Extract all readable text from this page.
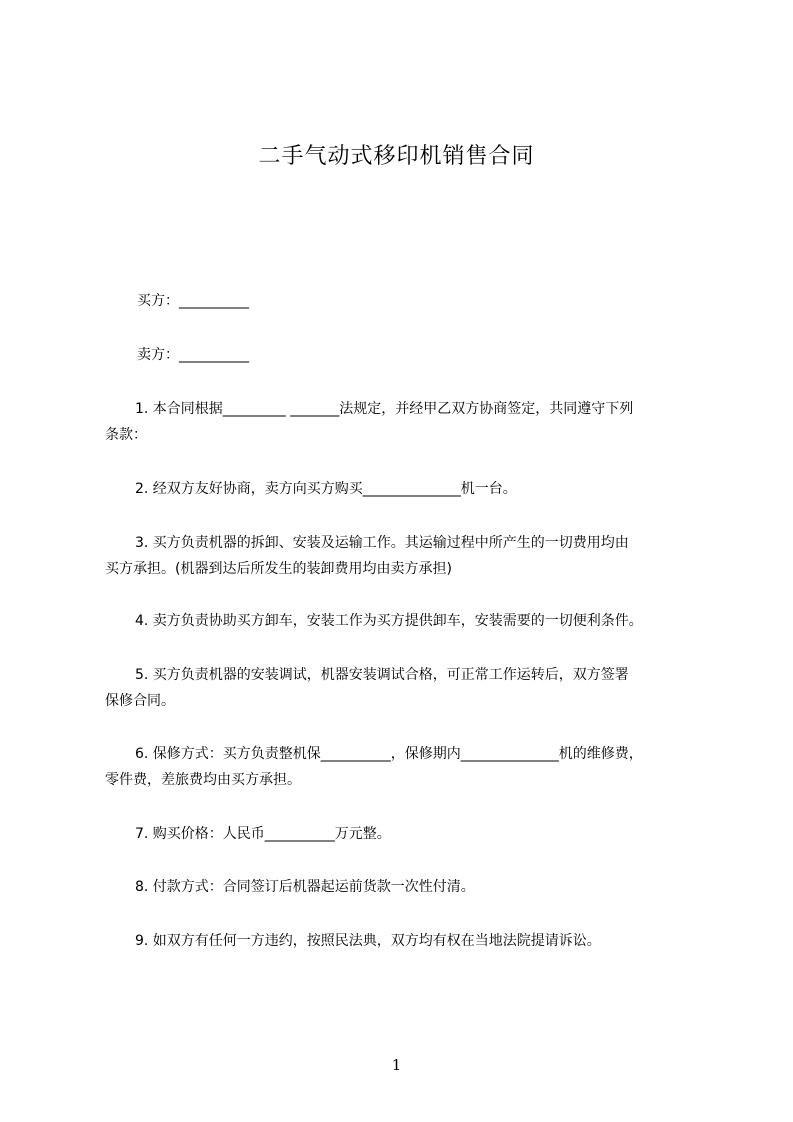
二手气动式移印机销售合同
买方：__________
卖方：__________
1. 本合同根据_________ _______法规定，并经甲乙双方协商签定，共同遵守下列
条款：
2. 经双方友好协商，卖方向买方购买______________机一台。
3. 买方负责机器的拆卸、安装及运输工作。其运输过程中所产生的一切费用均由
买方承担。(机器到达后所发生的装卸费用均由卖方承担)
4. 卖方负责协助买方卸车，安装工作为买方提供卸车，安装需要的一切便利条件。
5. 买方负责机器的安装调试，机器安装调试合格，可正常工作运转后，双方签署
保修合同。
6. 保修方式：买方负责整机保__________，保修期内______________机的维修费，
零件费，差旅费均由买方承担。
7. 购买价格：人民币__________万元整。
8. 付款方式：合同签订后机器起运前货款一次性付清。
9. 如双方有任何一方违约，按照民法典，双方均有权在当地法院提请诉讼。
1
